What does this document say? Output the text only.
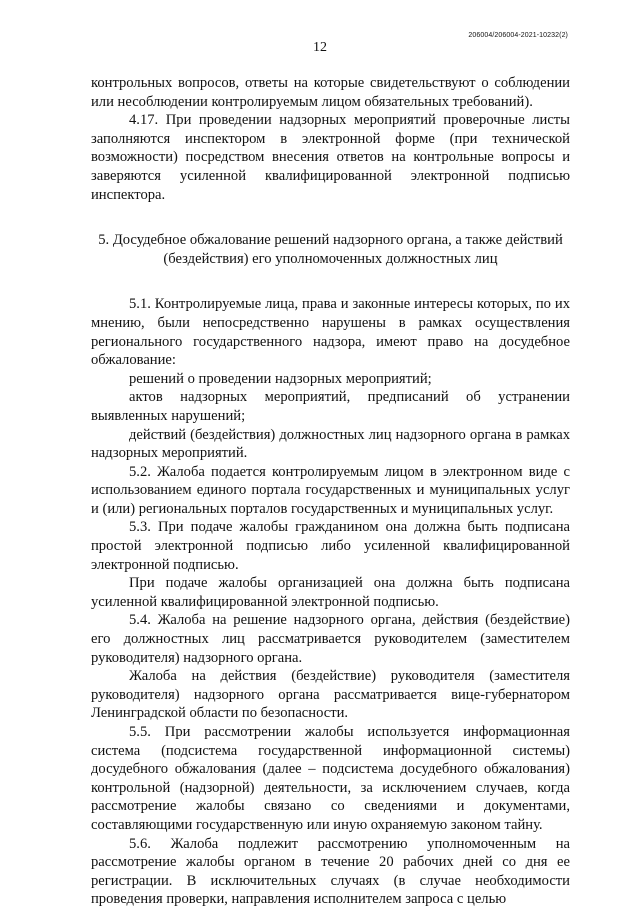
12
206004/206004-2021-10232(2)

контрольных вопросов, ответы на которые свидетельствуют о соблюдении или несоблюдении контролируемым лицом обязательных требований).

4.17. При проведении надзорных мероприятий проверочные листы заполняются инспектором в электронной форме (при технической возможности) посредством внесения ответов на контрольные вопросы и заверяются усиленной квалифицированной электронной подписью инспектора.

5. Досудебное обжалование решений надзорного органа, а также действий (бездействия) его уполномоченных должностных лиц

5.1. Контролируемые лица, права и законные интересы которых, по их мнению, были непосредственно нарушены в рамках осуществления регионального государственного надзора, имеют право на досудебное обжалование:

решений о проведении надзорных мероприятий;

актов надзорных мероприятий, предписаний об устранении выявленных нарушений;

действий (бездействия) должностных лиц надзорного органа в рамках надзорных мероприятий.

5.2. Жалоба подается контролируемым лицом в электронном виде с использованием единого портала государственных и муниципальных услуг и (или) региональных порталов государственных и муниципальных услуг.

5.3. При подаче жалобы гражданином она должна быть подписана простой электронной подписью либо усиленной квалифицированной электронной подписью.

При подаче жалобы организацией она должна быть подписана усиленной квалифицированной электронной подписью.

5.4. Жалоба на решение надзорного органа, действия (бездействие) его должностных лиц рассматривается руководителем (заместителем руководителя) надзорного органа.

Жалоба на действия (бездействие) руководителя (заместителя руководителя) надзорного органа рассматривается вице-губернатором Ленинградской области по безопасности.

5.5. При рассмотрении жалобы используется информационная система (подсистема государственной информационной системы) досудебного обжалования (далее – подсистема досудебного обжалования) контрольной (надзорной) деятельности, за исключением случаев, когда рассмотрение жалобы связано со сведениями и документами, составляющими государственную или иную охраняемую законом тайну.

5.6. Жалоба подлежит рассмотрению уполномоченным на рассмотрение жалобы органом в течение 20 рабочих дней со дня ее регистрации. В исключительных случаях (в случае необходимости проведения проверки, направления исполнителем запроса с целью
